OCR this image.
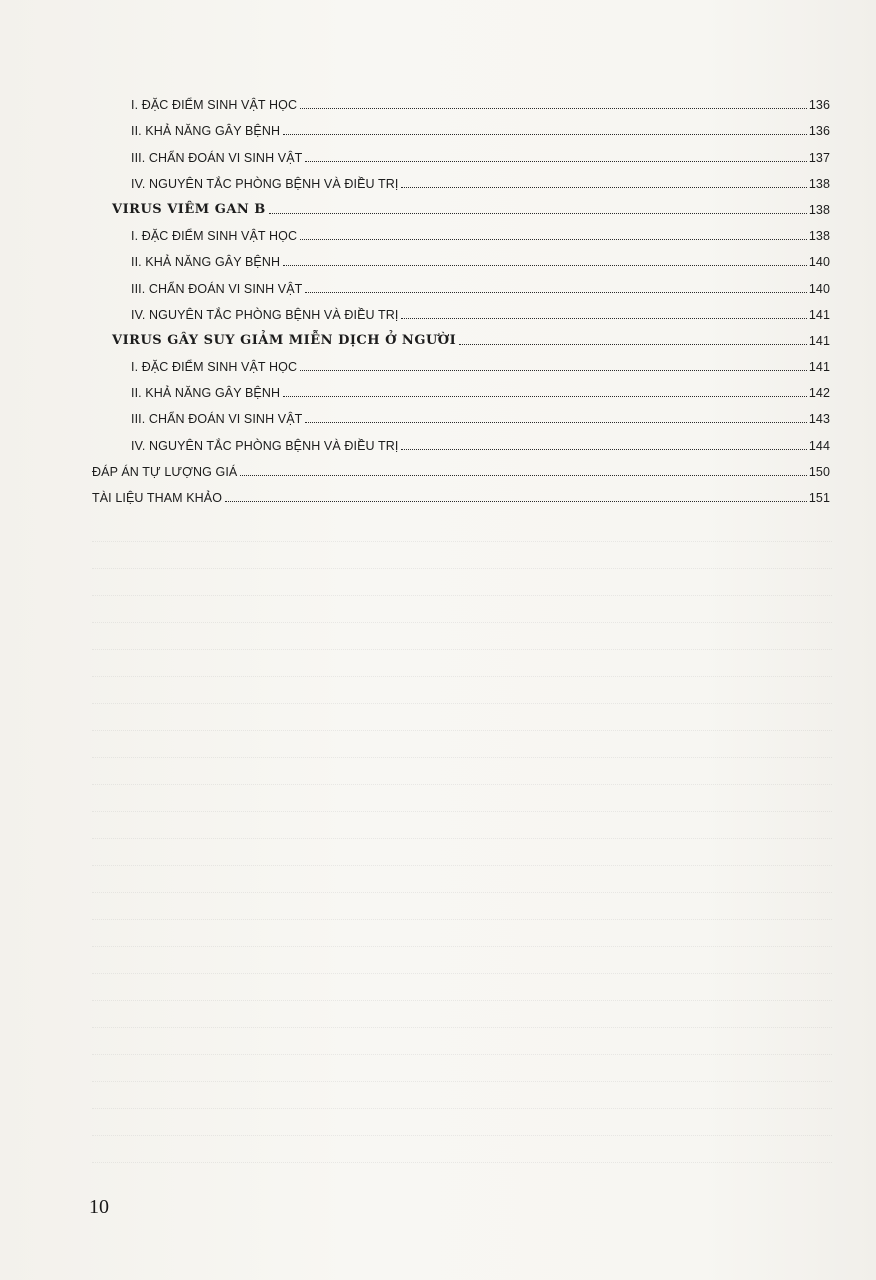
I. ĐẶC ĐIỂM SINH VẬT HỌC	136
II. KHẢ NĂNG GÂY BỆNH	136
III. CHẨN ĐOÁN VI SINH VẬT	137
IV. NGUYÊN TẮC PHÒNG BỆNH VÀ ĐIỀU TRỊ	138
VIRUS VIÊM GAN B	138
I. ĐẶC ĐIỂM SINH VẬT HỌC	138
II. KHẢ NĂNG GÂY BỆNH	140
III. CHẨN ĐOÁN VI SINH VẬT	140
IV. NGUYÊN TẮC PHÒNG BỆNH VÀ ĐIỀU TRỊ	141
VIRUS GÂY SUY GIẢM MIỄN DỊCH Ở NGƯỜI	141
I. ĐẶC ĐIỂM SINH VẬT HỌC	141
II. KHẢ NĂNG GÂY BỆNH	142
III. CHẨN ĐOÁN VI SINH VẬT	143
IV. NGUYÊN TẮC PHÒNG BỆNH VÀ ĐIỀU TRỊ	144
ĐÁP ÁN TỰ LƯỢNG GIÁ	150
TÀI LIỆU THAM KHẢO	151
10
